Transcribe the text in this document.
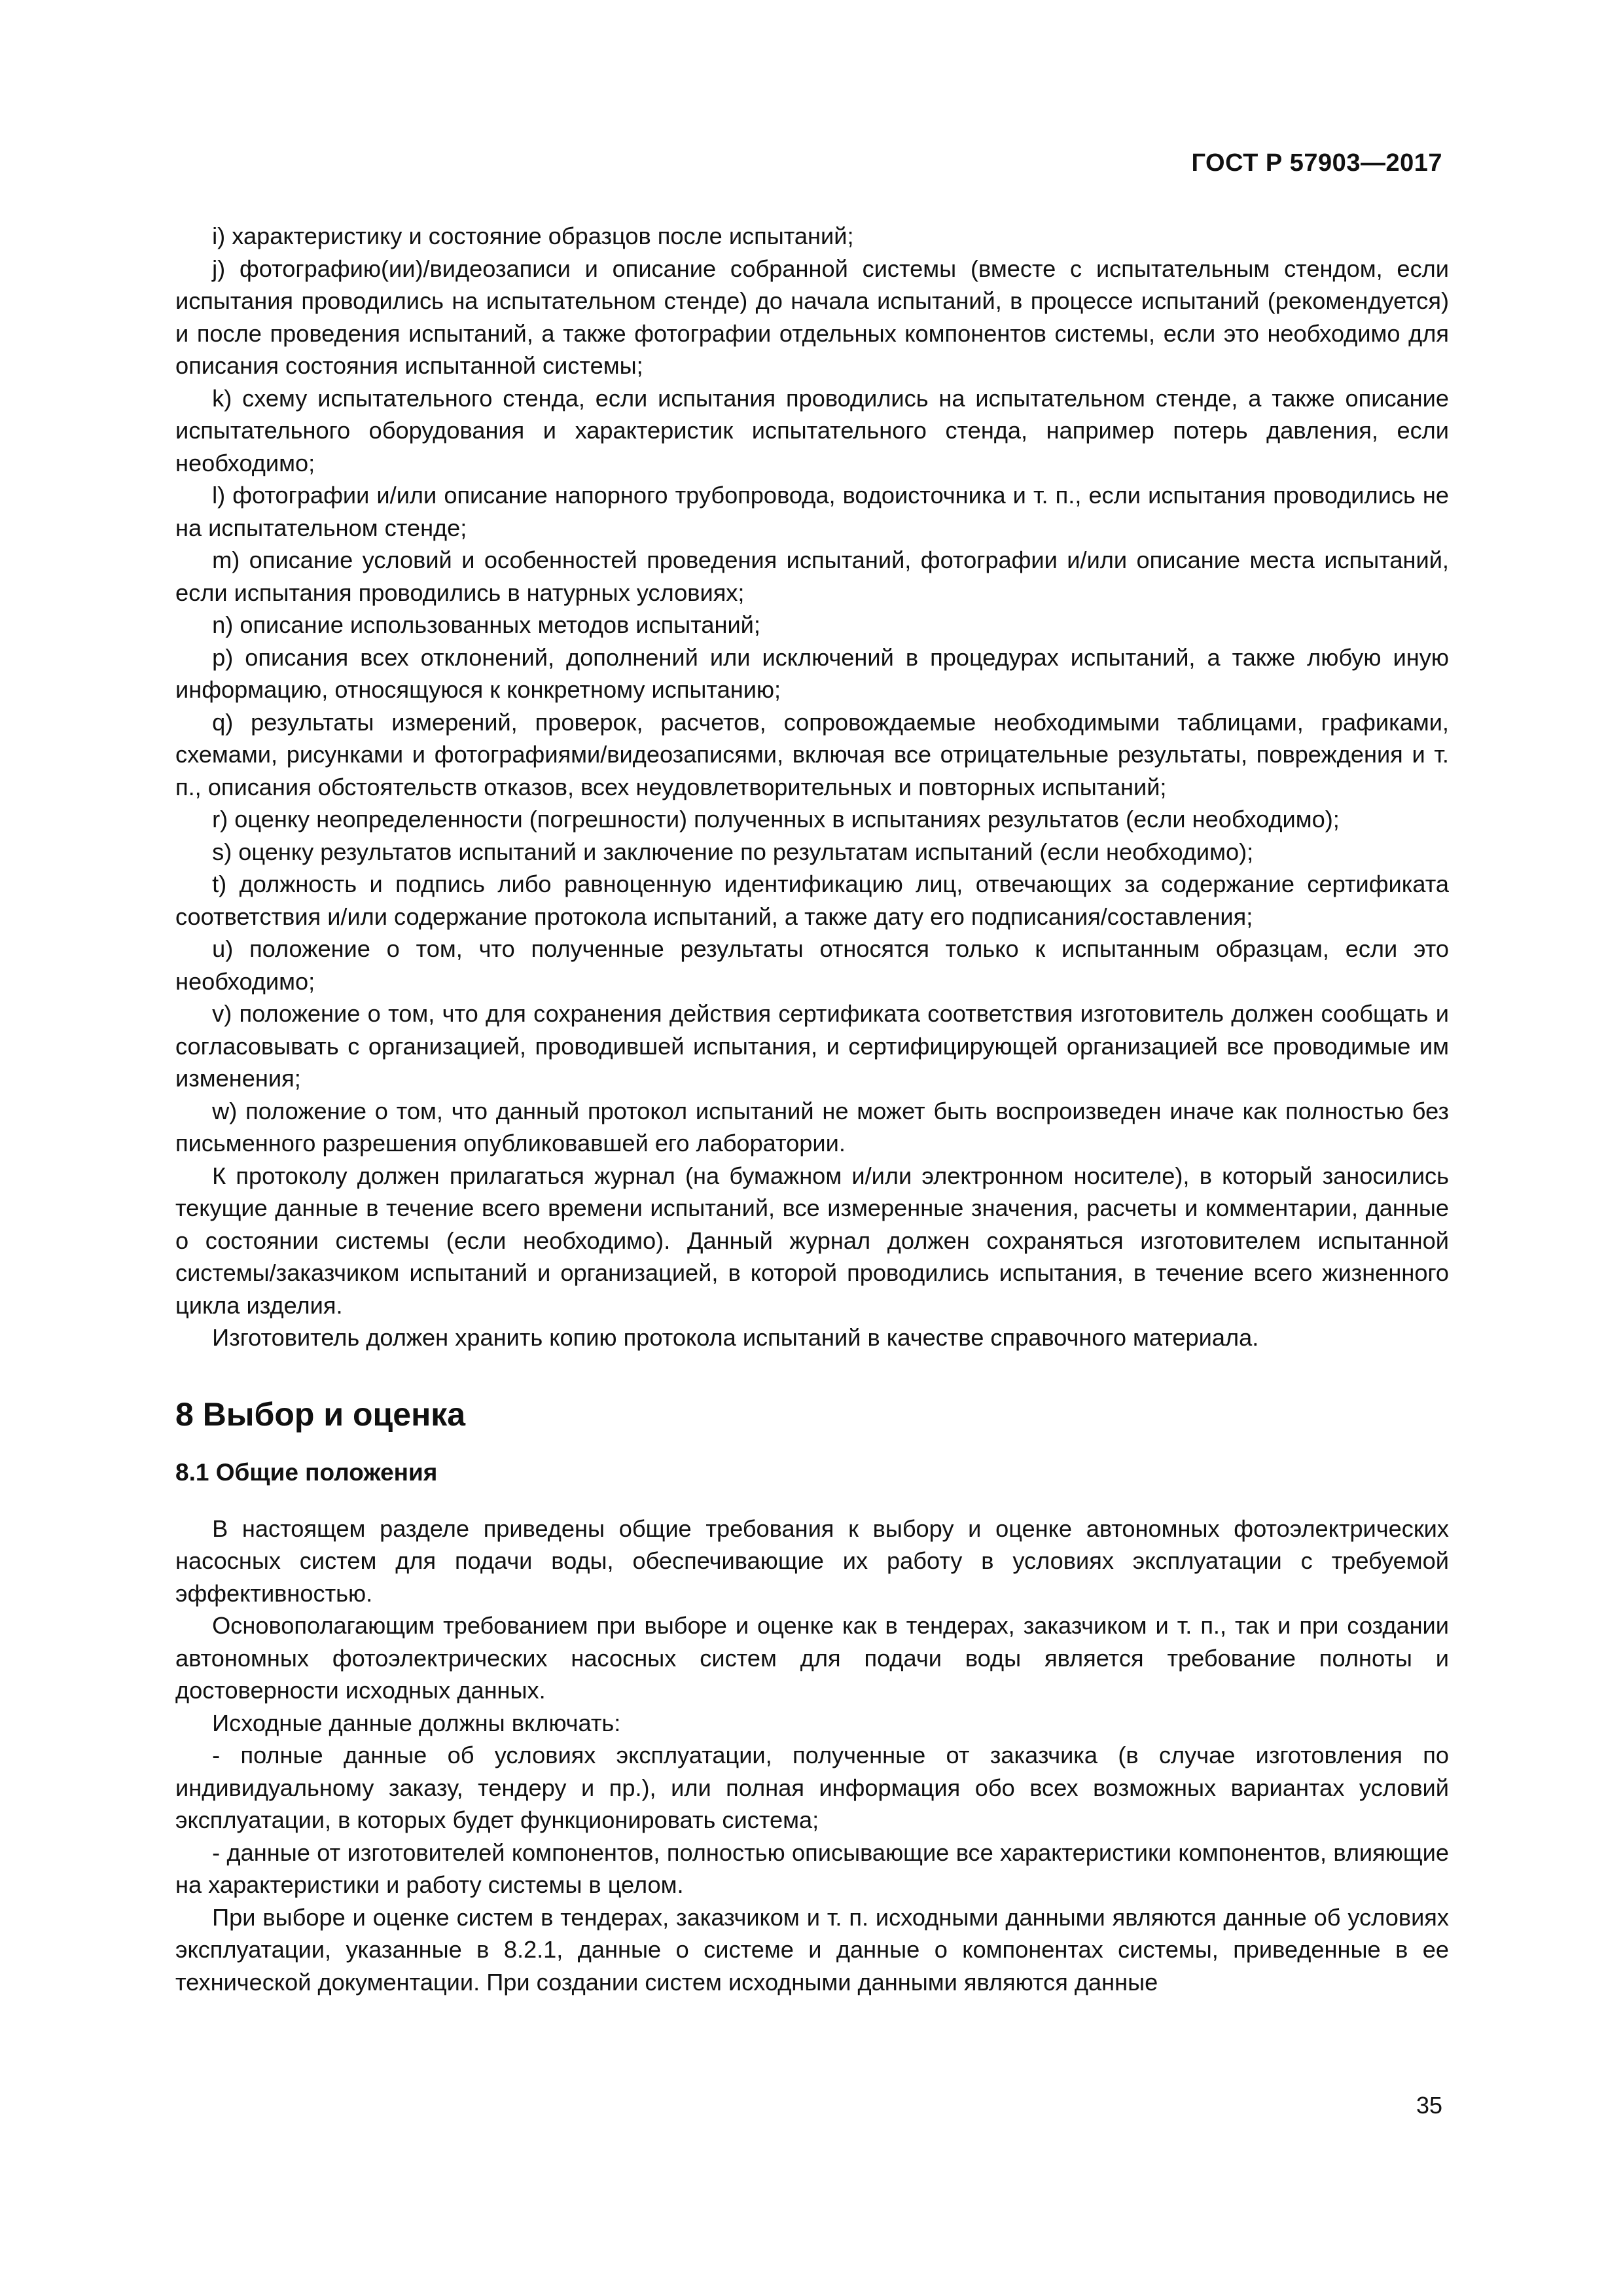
ГОСТ Р 57903—2017

i) характеристику и состояние образцов после испытаний;

j) фотографию(ии)/видеозаписи и описание собранной системы (вместе с испытательным стендом, если испытания проводились на испытательном стенде) до начала испытаний, в процессе испытаний (рекомендуется) и после проведения испытаний, а также фотографии отдельных компонентов системы, если это необходимо для описания состояния испытанной системы;

k) схему испытательного стенда, если испытания проводились на испытательном стенде, а также описание испытательного оборудования и характеристик испытательного стенда, например потерь давления, если необходимо;

l) фотографии и/или описание напорного трубопровода, водоисточника и т. п., если испытания проводились не на испытательном стенде;

m) описание условий и особенностей проведения испытаний, фотографии и/или описание места испытаний, если испытания проводились в натурных условиях;

n) описание использованных методов испытаний;

p) описания всех отклонений, дополнений или исключений в процедурах испытаний, а также любую иную информацию, относящуюся к конкретному испытанию;

q) результаты измерений, проверок, расчетов, сопровождаемые необходимыми таблицами, графиками, схемами, рисунками и фотографиями/видеозаписями, включая все отрицательные результаты, повреждения и т. п., описания обстоятельств отказов, всех неудовлетворительных и повторных испытаний;

r) оценку неопределенности (погрешности) полученных в испытаниях результатов (если необходимо);

s) оценку результатов испытаний и заключение по результатам испытаний (если необходимо);

t) должность и подпись либо равноценную идентификацию лиц, отвечающих за содержание сертификата соответствия и/или содержание протокола испытаний, а также дату его подписания/составления;

u) положение о том, что полученные результаты относятся только к испытанным образцам, если это необходимо;

v) положение о том, что для сохранения действия сертификата соответствия изготовитель должен сообщать и согласовывать с организацией, проводившей испытания, и сертифицирующей организацией все проводимые им изменения;

w) положение о том, что данный протокол испытаний не может быть воспроизведен иначе как полностью без письменного разрешения опубликовавшей его лаборатории.

К протоколу должен прилагаться журнал (на бумажном и/или электронном носителе), в который заносились текущие данные в течение всего времени испытаний, все измеренные значения, расчеты и комментарии, данные о состоянии системы (если необходимо). Данный журнал должен сохраняться изготовителем испытанной системы/заказчиком испытаний и организацией, в которой проводились испытания, в течение всего жизненного цикла изделия.

Изготовитель должен хранить копию протокола испытаний в качестве справочного материала.

8 Выбор и оценка

8.1 Общие положения

В настоящем разделе приведены общие требования к выбору и оценке автономных фотоэлектрических насосных систем для подачи воды, обеспечивающие их работу в условиях эксплуатации с требуемой эффективностью.

Основополагающим требованием при выборе и оценке как в тендерах, заказчиком и т. п., так и при создании автономных фотоэлектрических насосных систем для подачи воды является требование полноты и достоверности исходных данных.

Исходные данные должны включать:

- полные данные об условиях эксплуатации, полученные от заказчика (в случае изготовления по индивидуальному заказу, тендеру и пр.), или полная информация обо всех возможных вариантах условий эксплуатации, в которых будет функционировать система;

- данные от изготовителей компонентов, полностью описывающие все характеристики компонентов, влияющие на характеристики и работу системы в целом.

При выборе и оценке систем в тендерах, заказчиком и т. п. исходными данными являются данные об условиях эксплуатации, указанные в 8.2.1, данные о системе и данные о компонентах системы, приведенные в ее технической документации. При создании систем исходными данными являются данные

35
